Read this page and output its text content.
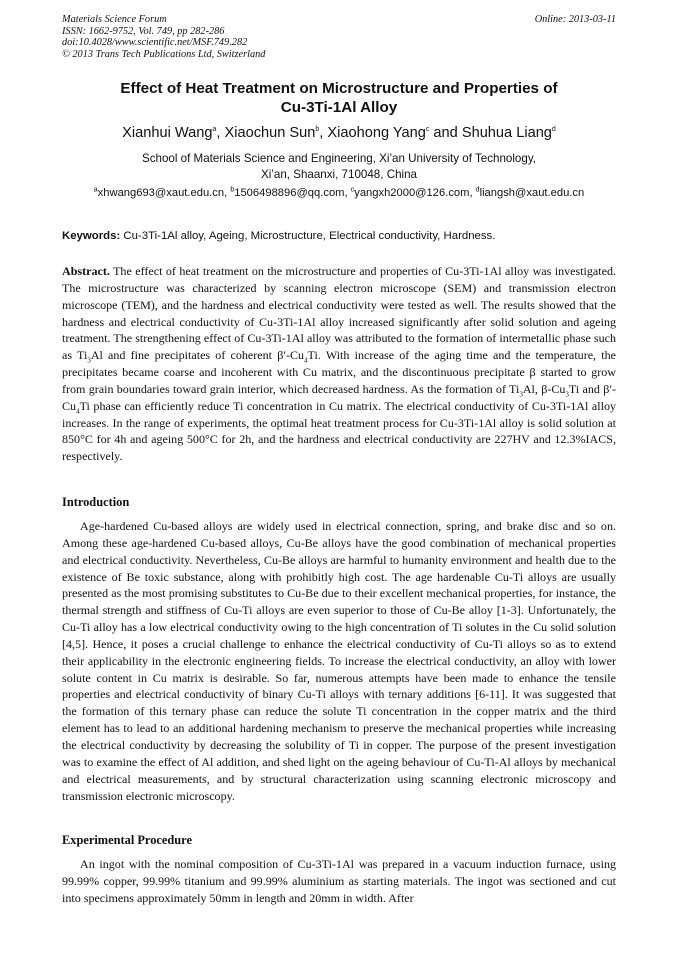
Materials Science Forum
ISSN: 1662-9752, Vol. 749, pp 282-286
doi:10.4028/www.scientific.net/MSF.749.282
© 2013 Trans Tech Publications Ltd, Switzerland
Online: 2013-03-11
Effect of Heat Treatment on Microstructure and Properties of
Cu-3Ti-1Al Alloy
Xianhui Wang$^a$, Xiaochun Sun$^b$, Xiaohong Yang$^c$ and Shuhua Liang$^d$
School of Materials Science and Engineering, Xi’an University of Technology,
Xi’an, Shaanxi, 710048, China
$^a$xhwang693@xaut.edu.cn, $^b$1506498896@qq.com, $^c$yangxh2000@126.com, $^d$liangsh@xaut.edu.cn
Keywords: Cu-3Ti-1Al alloy, Ageing, Microstructure, Electrical conductivity, Hardness.
Abstract. The effect of heat treatment on the microstructure and properties of Cu-3Ti-1Al alloy was investigated. The microstructure was characterized by scanning electron microscope (SEM) and transmission electron microscope (TEM), and the hardness and electrical conductivity were tested as well. The results showed that the hardness and electrical conductivity of Cu-3Ti-1Al alloy increased significantly after solid solution and ageing treatment. The strengthening effect of Cu-3Ti-1Al alloy was attributed to the formation of intermetallic phase such as $Ti_3Al$ and fine precipitates of coherent $\beta'-Cu_4Ti$. With increase of the aging time and the temperature, the precipitates became coarse and incoherent with Cu matrix, and the discontinuous precipitate β started to grow from grain boundaries toward grain interior, which decreased hardness. As the formation of $Ti_3Al$, $\beta-Cu_3Ti$ and $\beta'-Cu_4Ti$ phase can efficiently reduce Ti concentration in Cu matrix. The electrical conductivity of Cu-3Ti-1Al alloy increases. In the range of experiments, the optimal heat treatment process for Cu-3Ti-1Al alloy is solid solution at 850°C for 4h and ageing 500°C for 2h, and the hardness and electrical conductivity are 227HV and 12.3%IACS, respectively.
Introduction
Age-hardened Cu-based alloys are widely used in electrical connection, spring, and brake disc and so on. Among these age-hardened Cu-based alloys, Cu-Be alloys have the good combination of mechanical properties and electrical conductivity. Nevertheless, Cu-Be alloys are harmful to humanity environment and health due to the existence of Be toxic substance, along with prohibitly high cost. The age hardenable Cu-Ti alloys are usually presented as the most promising substitutes to Cu-Be due to their excellent mechanical properties, for instance, the thermal strength and stiffness of Cu-Ti alloys are even superior to those of Cu-Be alloy [1-3]. Unfortunately, the Cu-Ti alloy has a low electrical conductivity owing to the high concentration of Ti solutes in the Cu solid solution [4,5]. Hence, it poses a crucial challenge to enhance the electrical conductivity of Cu-Ti alloys so as to extend their applicability in the electronic engineering fields. To increase the electrical conductivity, an alloy with lower solute content in Cu matrix is desirable. So far, numerous attempts have been made to enhance the tensile properties and electrical conductivity of binary Cu-Ti alloys with ternary additions [6-11]. It was suggested that the formation of this ternary phase can reduce the solute Ti concentration in the copper matrix and the third element has to lead to an additional hardening mechanism to preserve the mechanical properties while increasing the electrical conductivity by decreasing the solubility of Ti in copper. The purpose of the present investigation was to examine the effect of Al addition, and shed light on the ageing behaviour of Cu-Ti-Al alloys by mechanical and electrical measurements, and by structural characterization using scanning electronic microscopy and transmission electronic microscopy.
Experimental Procedure
An ingot with the nominal composition of Cu-3Ti-1Al was prepared in a vacuum induction furnace, using 99.99% copper, 99.99% titanium and 99.99% aluminium as starting materials. The ingot was sectioned and cut into specimens approximately 50mm in length and 20mm in width. After
